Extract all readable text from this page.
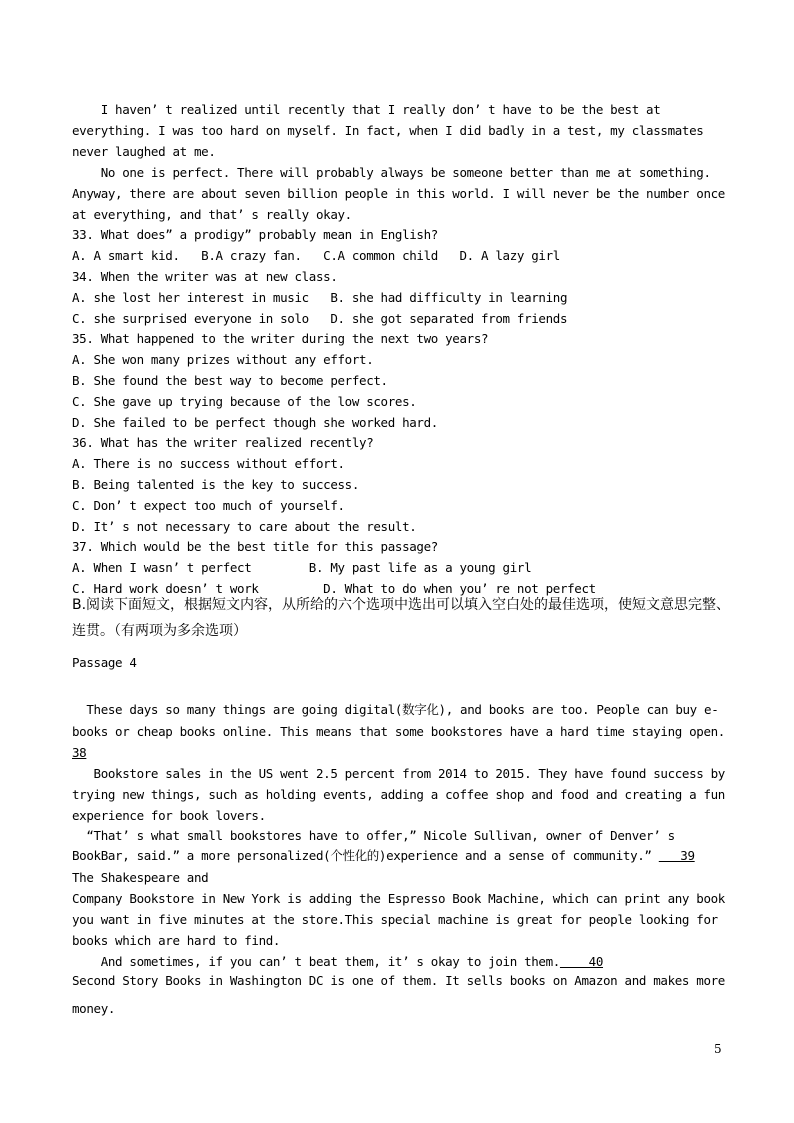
I haven’ t realized until recently that I really don’ t have to be the best at
everything. I was too hard on myself. In fact, when I did badly in a test, my classmates
never laughed at me.
No one is perfect. There will probably always be someone better than me at something.
Anyway, there are about seven billion people in this world. I will never be the number once
at everything, and that’ s really okay.
33. What does” a prodigy” probably mean in English?
A. A smart kid.   B.A crazy fan.   C.A common child   D. A lazy girl
34. When the writer was at new class.
A. she lost her interest in music   B. she had difficulty in learning
C. she surprised everyone in solo   D. she got separated from friends
35. What happened to the writer during the next two years?
A. She won many prizes without any effort.
B. She found the best way to become perfect.
C. She gave up trying because of the low scores.
D. She failed to be perfect though she worked hard.
36. What has the writer realized recently?
A. There is no success without effort.
B. Being talented is the key to success.
C. Don’ t expect too much of yourself.
D. It’ s not necessary to care about the result.
37. Which would be the best title for this passage?
A. When I wasn’ t perfect        B. My past life as a young girl
C. Hard work doesn’ t work         D. What to do when you’ re not perfect
B.阅读下面短文，根据短文内容，从所给的六个选项中选出可以填入空白处的最佳选项，使短文意思完整、
连贯。（有两项为多余选项）
Passage 4
These days so many things are going digital(数字化), and books are too. People can buy e-
books or cheap books online. This means that some bookstores have a hard time staying open.
38
Bookstore sales in the US went 2.5 percent from 2014 to 2015. They have found success by
trying new things, such as holding events, adding a coffee shop and food and creating a fun
experience for book lovers.
“That’ s what small bookstores have to offer,” Nicole Sullivan, owner of Denver’ s
BookBar, said.” a more personalized(个性化的)experience and a sense of community.”    39
The Shakespeare and
Company Bookstore in New York is adding the Espresso Book Machine, which can print any book
you want in five minutes at the store.This special machine is great for people looking for
books which are hard to find.
And sometimes, if you can’ t beat them, it’ s okay to join them.    40
Second Story Books in Washington DC is one of them. It sells books on Amazon and makes more
money.
5
